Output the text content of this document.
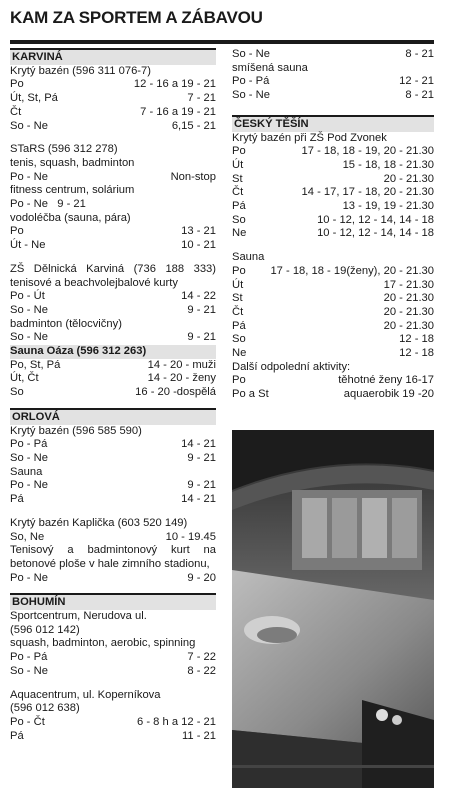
KAM ZA SPORTEM A ZÁBAVOU
KARVINÁ
Krytý bazén (596 311 076-7)
Po	12 - 16 a 19 - 21
Út, St, Pá	7 - 21
Čt	7 - 16 a 19 - 21
So - Ne	6,15 - 21
STaRS (596 312 278)
tenis, squash, badminton
Po - Ne	Non-stop
fitness centrum, solárium
Po - Ne   9 - 21
vodoléčba (sauna, pára)
Po	13 - 21
Út - Ne	10 - 21
ZŠ Dělnická Karviná (736 188 333) tenisové a beachvolejbalové kurty
Po - Út	14 - 22
So - Ne	9 - 21
badminton (tělocvičny)
So - Ne	9 - 21
Sauna Oáza (596 312 263)
Po, St, Pá	14 - 20 - muži
Út, Čt	14 - 20 - ženy
So	16 - 20 -dospělá
ORLOVÁ
Krytý bazén (596 585 590)
Po - Pá	14 - 21
So - Ne	9 - 21
Sauna
Po - Ne	9 - 21
Pá	14 - 21
Krytý bazén Kaplička (603 520 149)
So, Ne	10 - 19.45
Tenisový a badmintonový kurt na betonové ploše v hale zimního stadionu,
Po - Ne	9 - 20
BOHUMÍN
Sportcentrum, Nerudova ul.
(596 012 142)
squash, badminton, aerobic, spinning
Po - Pá	7 - 22
So - Ne	8 - 22
Aquacentrum, ul. Koperníkova
(596 012 638)
Po - Čt	6 - 8 h a 12 - 21
Pá	11 - 21
So - Ne	8 - 21
smíšená sauna
Po - Pá	12 - 21
So - Ne	8 - 21
ČESKÝ TĚŠÍN
Krytý bazén při ZŠ Pod Zvonek
Po	17 - 18, 18 - 19, 20 - 21.30
Út	15 - 18, 18 - 21.30
St	20 - 21.30
Čt	14 - 17, 17 - 18, 20 - 21.30
Pá	13 - 19, 19 - 21.30
So	10 - 12, 12 - 14, 14 - 18
Ne	10 - 12, 12 - 14, 14 - 18
Sauna
Po 17 - 18, 18 - 19(ženy), 20 - 21.30
Út	17 - 21.30
St	20 - 21.30
Čt	20 - 21.30
Pá	20 - 21.30
So	12 - 18
Ne	12 - 18
Další odpolední aktivity:
Po	těhotné ženy 16-17
Po a St	aquaerobik 19 -20
